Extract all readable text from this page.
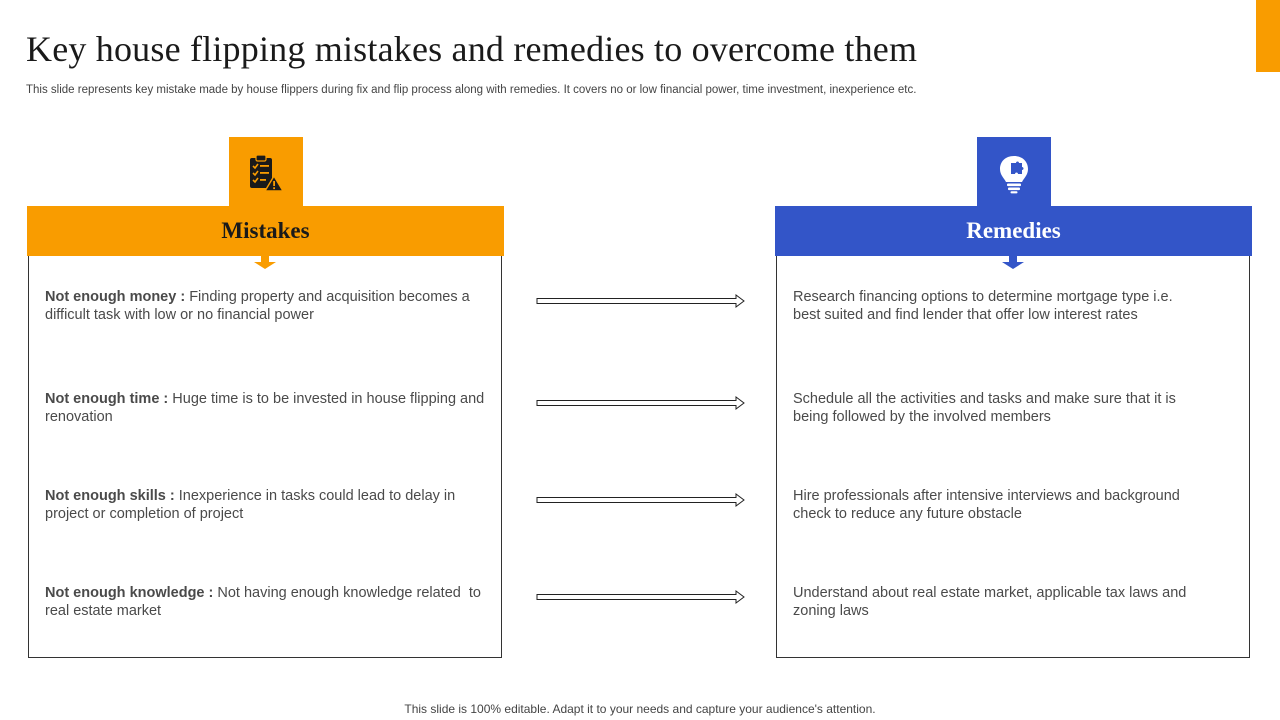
Key house flipping mistakes and remedies to overcome them
This slide represents key mistake made by house flippers during fix and flip process along with remedies. It covers no or low financial power, time investment, inexperience etc.
Not enough money : Finding property and acquisition becomes a difficult task with low or no financial power
Not enough time : Huge time is to be invested in house flipping and renovation
Not enough skills : Inexperience in tasks could lead to delay in project or completion of project
Not enough knowledge : Not having enough knowledge related  to real estate market
Mistakes
Research financing options to determine mortgage type i.e. best suited and find lender that offer low interest rates
Schedule all the activities and tasks and make sure that it is being followed by the involved members
Hire professionals after intensive interviews and background check to reduce any future obstacle
Understand about real estate market, applicable tax laws and zoning laws
Remedies
This slide is 100% editable. Adapt it to your needs and capture your audience's attention.
